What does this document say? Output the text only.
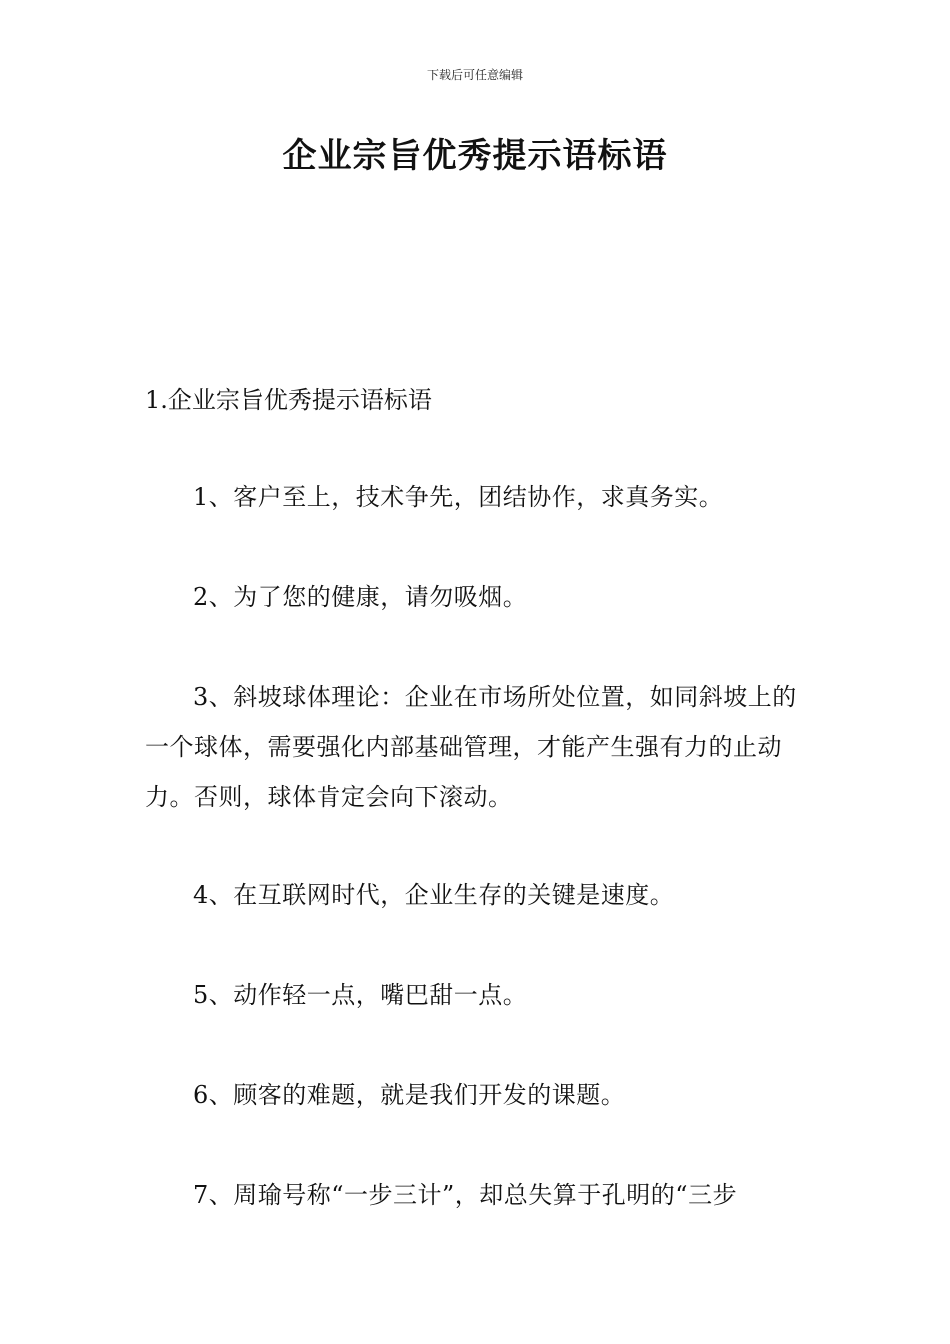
下载后可任意编辑
企业宗旨优秀提示语标语

1.企业宗旨优秀提示语标语

1、客户至上，技术争先，团结协作，求真务实。

2、为了您的健康，请勿吸烟。

3、斜坡球体理论：企业在市场所处位置，如同斜坡上的一个球体，需要强化内部基础管理，才能产生强有力的止动力。否则，球体肯定会向下滚动。

4、在互联网时代，企业生存的关键是速度。

5、动作轻一点，嘴巴甜一点。

6、顾客的难题，就是我们开发的课题。

7、周瑜号称“一步三计”，却总失算于孔明的“三步
